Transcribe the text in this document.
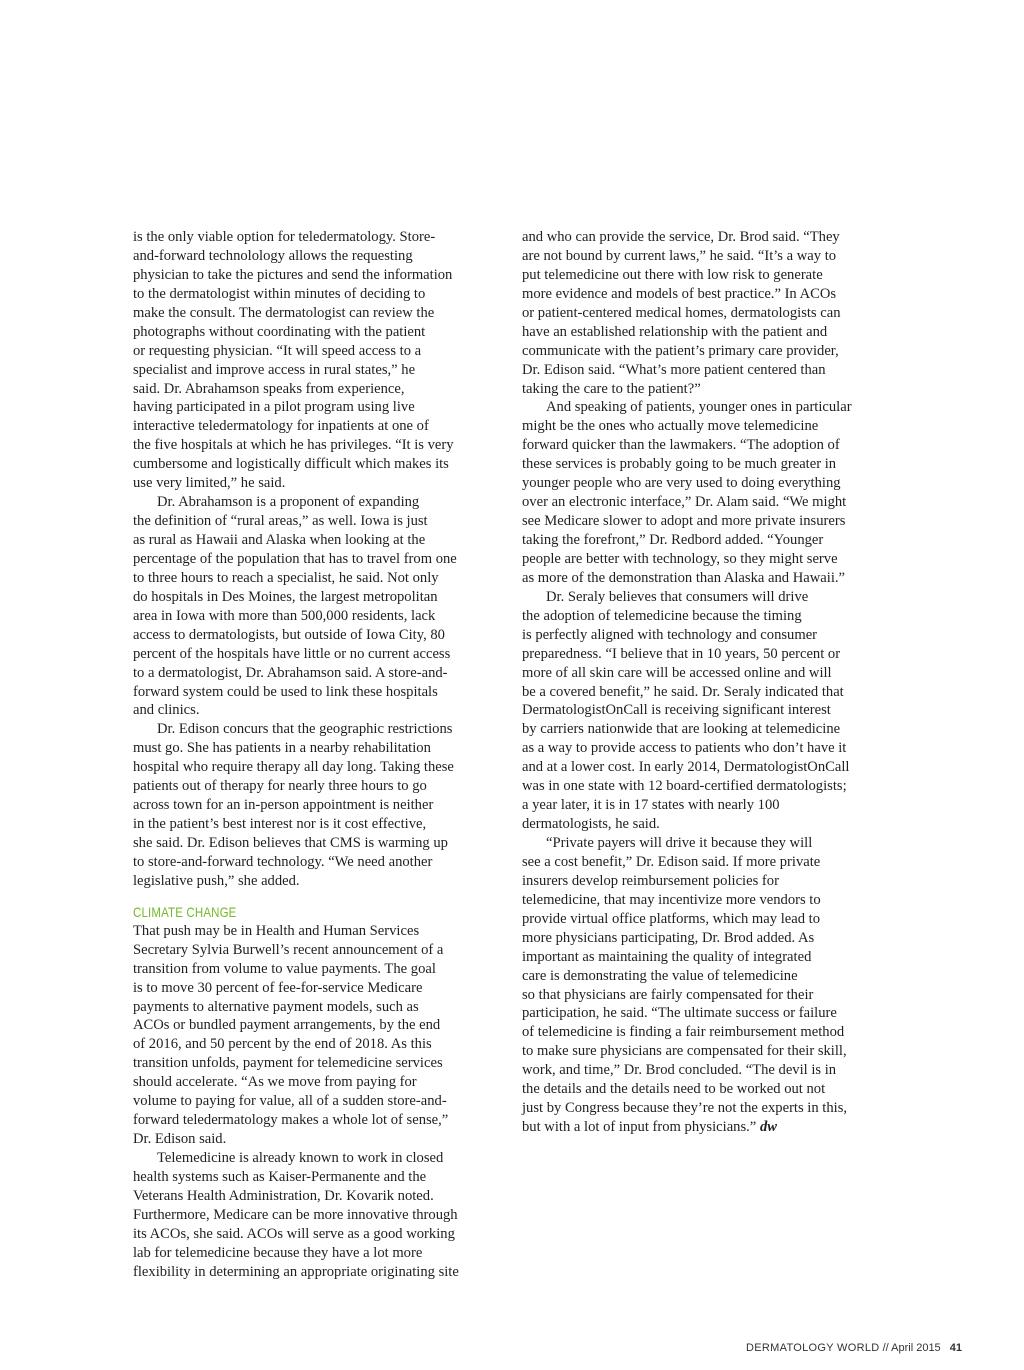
is the only viable option for teledermatology. Store-
and-forward technolology allows the requesting
physician to take the pictures and send the information
to the dermatologist within minutes of deciding to
make the consult. The dermatologist can review the
photographs without coordinating with the patient
or requesting physician. “It will speed access to a
specialist and improve access in rural states,” he
said. Dr. Abrahamson speaks from experience,
having participated in a pilot program using live
interactive teledermatology for inpatients at one of
the five hospitals at which he has privileges. “It is very
cumbersome and logistically difficult which makes its
use very limited,” he said.
Dr. Abrahamson is a proponent of expanding
the definition of “rural areas,” as well. Iowa is just
as rural as Hawaii and Alaska when looking at the
percentage of the population that has to travel from one
to three hours to reach a specialist, he said. Not only
do hospitals in Des Moines, the largest metropolitan
area in Iowa with more than 500,000 residents, lack
access to dermatologists, but outside of Iowa City, 80
percent of the hospitals have little or no current access
to a dermatologist, Dr. Abrahamson said. A store-and-
forward system could be used to link these hospitals
and clinics.
Dr. Edison concurs that the geographic restrictions
must go. She has patients in a nearby rehabilitation
hospital who require therapy all day long. Taking these
patients out of therapy for nearly three hours to go
across town for an in-person appointment is neither
in the patient’s best interest nor is it cost effective,
she said. Dr. Edison believes that CMS is warming up
to store-and-forward technology. “We need another
legislative push,” she added.
CLIMATE CHANGE
That push may be in Health and Human Services
Secretary Sylvia Burwell’s recent announcement of a
transition from volume to value payments. The goal
is to move 30 percent of fee-for-service Medicare
payments to alternative payment models, such as
ACOs or bundled payment arrangements, by the end
of 2016, and 50 percent by the end of 2018. As this
transition unfolds, payment for telemedicine services
should accelerate. “As we move from paying for
volume to paying for value, all of a sudden store-and-
forward teledermatology makes a whole lot of sense,”
Dr. Edison said.
Telemedicine is already known to work in closed
health systems such as Kaiser-Permanente and the
Veterans Health Administration, Dr. Kovarik noted.
Furthermore, Medicare can be more innovative through
its ACOs, she said. ACOs will serve as a good working
lab for telemedicine because they have a lot more
flexibility in determining an appropriate originating site
and who can provide the service, Dr. Brod said. “They
are not bound by current laws,” he said. “It’s a way to
put telemedicine out there with low risk to generate
more evidence and models of best practice.” In ACOs
or patient-centered medical homes, dermatologists can
have an established relationship with the patient and
communicate with the patient’s primary care provider,
Dr. Edison said. “What’s more patient centered than
taking the care to the patient?”
And speaking of patients, younger ones in particular
might be the ones who actually move telemedicine
forward quicker than the lawmakers. “The adoption of
these services is probably going to be much greater in
younger people who are very used to doing everything
over an electronic interface,” Dr. Alam said. “We might
see Medicare slower to adopt and more private insurers
taking the forefront,” Dr. Redbord added. “Younger
people are better with technology, so they might serve
as more of the demonstration than Alaska and Hawaii.”
Dr. Seraly believes that consumers will drive
the adoption of telemedicine because the timing
is perfectly aligned with technology and consumer
preparedness. “I believe that in 10 years, 50 percent or
more of all skin care will be accessed online and will
be a covered benefit,” he said. Dr. Seraly indicated that
DermatologistOnCall is receiving significant interest
by carriers nationwide that are looking at telemedicine
as a way to provide access to patients who don’t have it
and at a lower cost. In early 2014, DermatologistOnCall
was in one state with 12 board-certified dermatologists;
a year later, it is in 17 states with nearly 100
dermatologists, he said.
“Private payers will drive it because they will
see a cost benefit,” Dr. Edison said. If more private
insurers develop reimbursement policies for
telemedicine, that may incentivize more vendors to
provide virtual office platforms, which may lead to
more physicians participating, Dr. Brod added. As
important as maintaining the quality of integrated
care is demonstrating the value of telemedicine
so that physicians are fairly compensated for their
participation, he said. “The ultimate success or failure
of telemedicine is finding a fair reimbursement method
to make sure physicians are compensated for their skill,
work, and time,” Dr. Brod concluded. “The devil is in
the details and the details need to be worked out not
just by Congress because they’re not the experts in this,
but with a lot of input from physicians.” dw
DERMATOLOGY WORLD // April 2015 41
